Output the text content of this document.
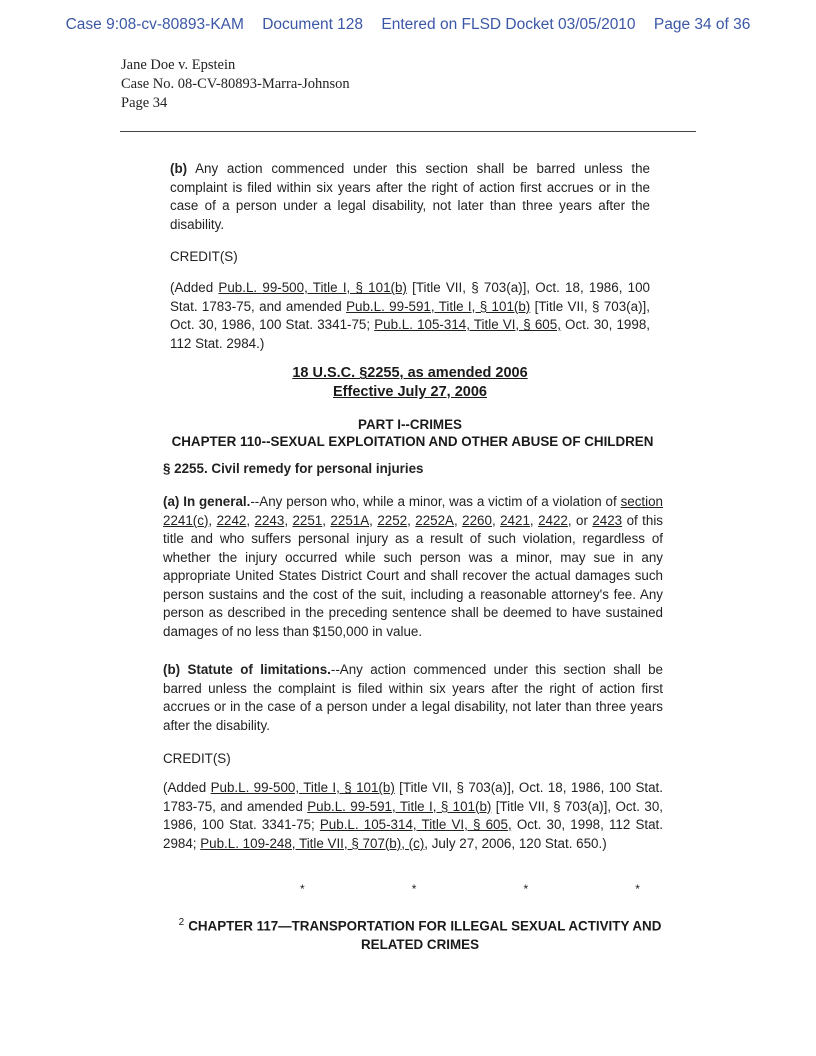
Case 9:08-cv-80893-KAM Document 128 Entered on FLSD Docket 03/05/2010 Page 34 of 36
Jane Doe v. Epstein
Case No. 08-CV-80893-Marra-Johnson
Page 34
(b) Any action commenced under this section shall be barred unless the complaint is filed within six years after the right of action first accrues or in the case of a person under a legal disability, not later than three years after the disability.
CREDIT(S)
(Added Pub.L. 99-500, Title I, § 101(b) [Title VII, § 703(a)], Oct. 18, 1986, 100 Stat. 1783-75, and amended Pub.L. 99-591, Title I, § 101(b) [Title VII, § 703(a)], Oct. 30, 1986, 100 Stat. 3341-75; Pub.L. 105-314, Title VI, § 605, Oct. 30, 1998, 112 Stat. 2984.)
18 U.S.C. §2255, as amended 2006
Effective July 27, 2006
PART I--CRIMES
CHAPTER 110--SEXUAL EXPLOITATION AND OTHER ABUSE OF CHILDREN
§ 2255. Civil remedy for personal injuries
(a) In general.--Any person who, while a minor, was a victim of a violation of section 2241(c), 2242, 2243, 2251, 2251A, 2252, 2252A, 2260, 2421, 2422, or 2423 of this title and who suffers personal injury as a result of such violation, regardless of whether the injury occurred while such person was a minor, may sue in any appropriate United States District Court and shall recover the actual damages such person sustains and the cost of the suit, including a reasonable attorney's fee. Any person as described in the preceding sentence shall be deemed to have sustained damages of no less than $150,000 in value.
(b) Statute of limitations.--Any action commenced under this section shall be barred unless the complaint is filed within six years after the right of action first accrues or in the case of a person under a legal disability, not later than three years after the disability.
CREDIT(S)
(Added Pub.L. 99-500, Title I, § 101(b) [Title VII, § 703(a)], Oct. 18, 1986, 100 Stat. 1783-75, and amended Pub.L. 99-591, Title I, § 101(b) [Title VII, § 703(a)], Oct. 30, 1986, 100 Stat. 3341-75; Pub.L. 105-314, Title VI, § 605, Oct. 30, 1998, 112 Stat. 2984; Pub.L. 109-248, Title VII, § 707(b), (c), July 27, 2006, 120 Stat. 650.)
*	*	*	*
$^2$ CHAPTER 117—TRANSPORTATION FOR ILLEGAL SEXUAL ACTIVITY AND
RELATED CRIMES
